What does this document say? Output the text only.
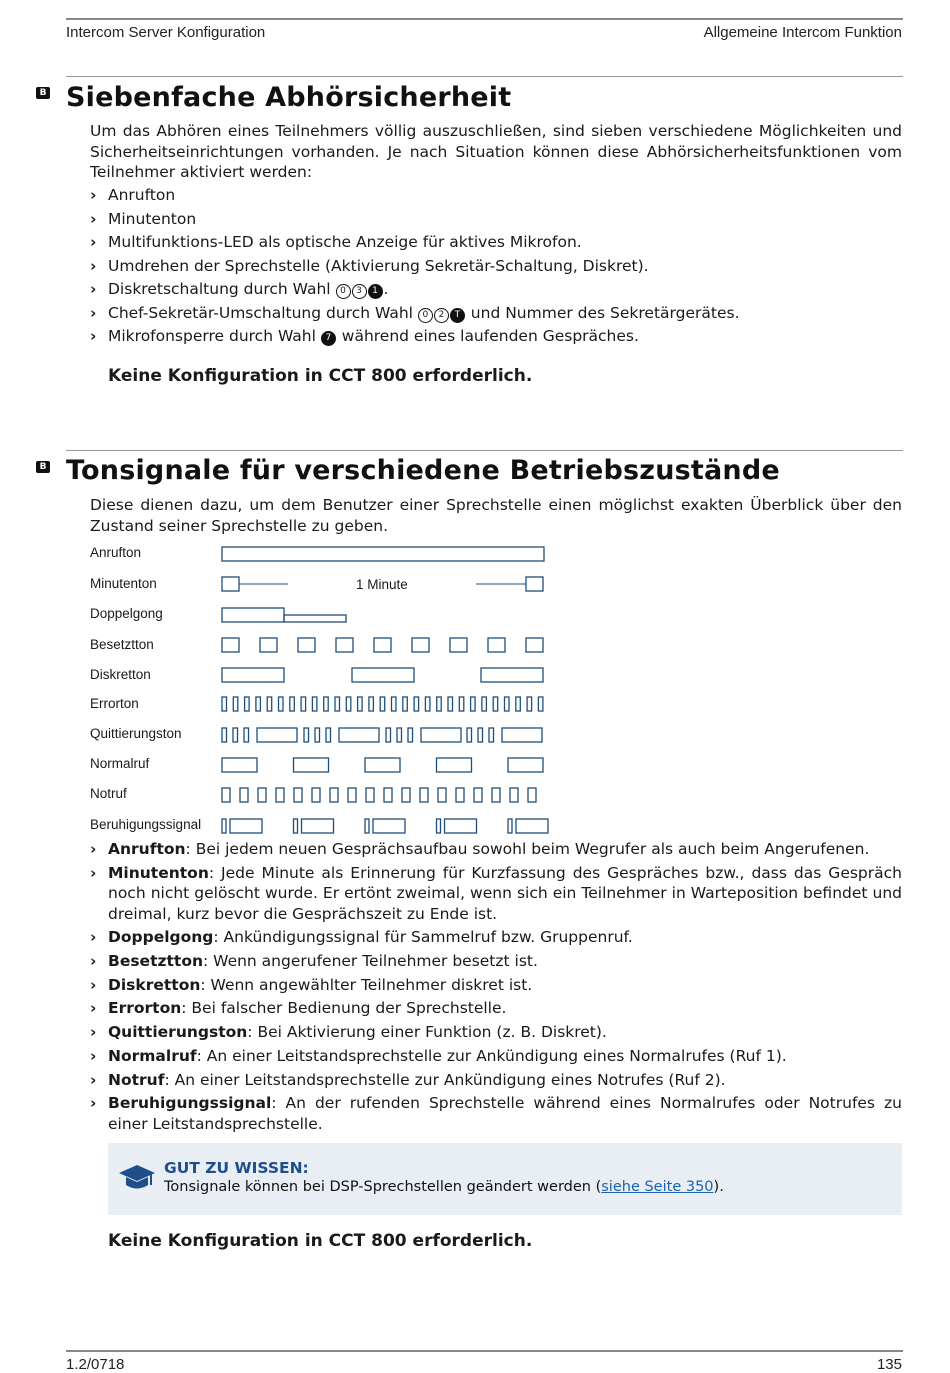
Intercom Server Konfiguration	Allgemeine Intercom Funktion
B Siebenfache Abhörsicherheit

Um das Abhören eines Teilnehmers völlig auszuschließen, sind sieben verschiedene Möglichkeiten und Sicherheitseinrichtungen vorhanden. Je nach Situation können diese Abhörsicherheitsfunktionen vom Teilnehmer aktiviert werden:

› Anrufton
› Minutenton
› Multifunktions-LED als optische Anzeige für aktives Mikrofon.
› Umdrehen der Sprechstelle (Aktivierung Sekretär-Schaltung, Diskret).
› Diskretschaltung durch Wahl 0 3 1 .
› Chef-Sekretär-Umschaltung durch Wahl 0 2 T und Nummer des Sekretärgerätes.
› Mikrofonsperre durch Wahl 7 während eines laufenden Gespräches.

Keine Konfiguration in CCT 800 erforderlich.

B Tonsignale für verschiedene Betriebszustände

Diese dienen dazu, um dem Benutzer einer Sprechstelle einen möglichst exakten Überblick über den Zustand seiner Sprechstelle zu geben.

Anrufton
Minutenton
Doppelgong
Besetztton
Diskretton
Errorton
Quittierungston
Normalruf
Notruf
Beruhigungssignal
1 Minute
› Anrufton: Bei jedem neuen Gesprächsaufbau sowohl beim Wegrufer als auch beim Angerufenen.
› Minutenton: Jede Minute als Erinnerung für Kurzfassung des Gespräches bzw., dass das Gespräch noch nicht gelöscht wurde. Er ertönt zweimal, wenn sich ein Teilnehmer in Warteposition befindet und dreimal, kurz bevor die Gesprächszeit zu Ende ist.
› Doppelgong: Ankündigungssignal für Sammelruf bzw. Gruppenruf.
› Besetztton: Wenn angerufener Teilnehmer besetzt ist.
› Diskretton: Wenn angewählter Teilnehmer diskret ist.
› Errorton: Bei falscher Bedienung der Sprechstelle.
› Quittierungston: Bei Aktivierung einer Funktion (z. B. Diskret).
› Normalruf: An einer Leitstandsprechstelle zur Ankündigung eines Normalrufes (Ruf 1).
› Notruf: An einer Leitstandsprechstelle zur Ankündigung eines Notrufes (Ruf 2).
› Beruhigungssignal: An der rufenden Sprechstelle während eines Normalrufes oder Notrufes zu einer Leitstandsprechstelle.
GUT ZU WISSEN:
Tonsignale können bei DSP-Sprechstellen geändert werden (siehe Seite 350).

Keine Konfiguration in CCT 800 erforderlich.

1.2/0718	135
